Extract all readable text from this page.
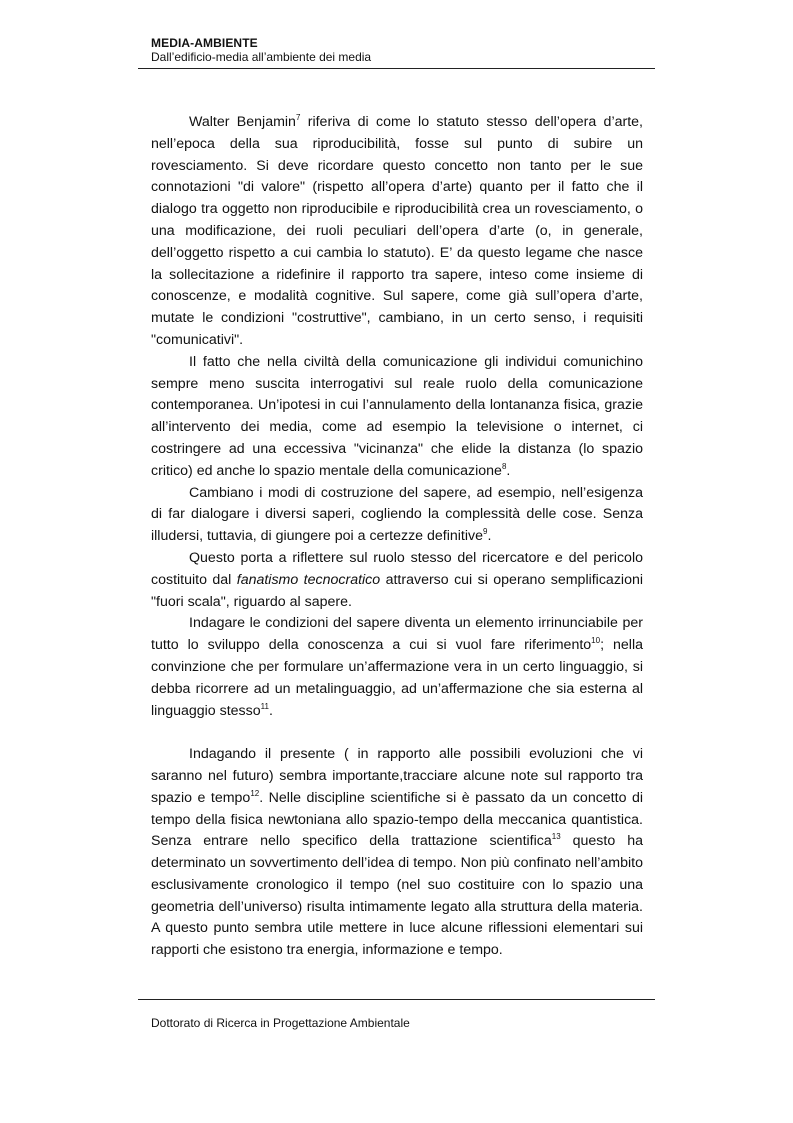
MEDIA-AMBIENTE
Dall’edificio-media all’ambiente dei media

Walter Benjamin$^7$ riferiva di come lo statuto stesso dell’opera d’arte, nell’epoca della sua riproducibilità, fosse sul punto di subire un rovesciamento. Si deve ricordare questo concetto non tanto per le sue connotazioni "di valore" (rispetto all’opera d’arte) quanto per il fatto che il dialogo tra oggetto non riproducibile e riproducibilità crea un rovesciamento, o una modificazione, dei ruoli peculiari dell’opera d’arte (o, in generale, dell’oggetto rispetto a cui cambia lo statuto). E’ da questo legame che nasce la sollecitazione a ridefinire il rapporto tra sapere, inteso come insieme di conoscenze, e modalità cognitive. Sul sapere, come già sull’opera d’arte, mutate le condizioni "costruttive", cambiano, in un certo senso, i requisiti "comunicativi".

Il fatto che nella civiltà della comunicazione gli individui comunichino sempre meno suscita interrogativi sul reale ruolo della comunicazione contemporanea. Un’ipotesi in cui l’annulamento della lontananza fisica, grazie all’intervento dei media, come ad esempio la televisione o internet, ci costringere ad una eccessiva "vicinanza" che elide la distanza (lo spazio critico) ed anche lo spazio mentale della comunicazione$^8$.

Cambiano i modi di costruzione del sapere, ad esempio, nell’esigenza di far dialogare i diversi saperi, cogliendo la complessità delle cose. Senza illudersi, tuttavia, di giungere poi a certezze definitive$^9$.

Questo porta a riflettere sul ruolo stesso del ricercatore e del pericolo costituito dal fanatismo tecnocratico attraverso cui si operano semplificazioni "fuori scala", riguardo al sapere.

Indagare le condizioni del sapere diventa un elemento irrinunciabile per tutto lo sviluppo della conoscenza a cui si vuol fare riferimento$^{10}$; nella convinzione che per formulare un’affermazione vera in un certo linguaggio, si debba ricorrere ad un metalinguaggio, ad un’affermazione che sia esterna al linguaggio stesso$^{11}$.

Indagando il presente ( in rapporto alle possibili evoluzioni che vi saranno nel futuro) sembra importante,tracciare alcune note sul rapporto tra spazio e tempo$^{12}$. Nelle discipline scientifiche si è passato da un concetto di tempo della fisica newtoniana allo spazio-tempo della meccanica quantistica. Senza entrare nello specifico della trattazione scientifica$^{13}$ questo ha determinato un sovvertimento dell’idea di tempo. Non più confinato nell’ambito esclusivamente cronologico il tempo (nel suo costituire con lo spazio una geometria dell’universo) risulta intimamente legato alla struttura della materia. A questo punto sembra utile mettere in luce alcune riflessioni elementari sui rapporti che esistono tra energia, informazione e tempo.

Dottorato di Ricerca in Progettazione Ambientale
